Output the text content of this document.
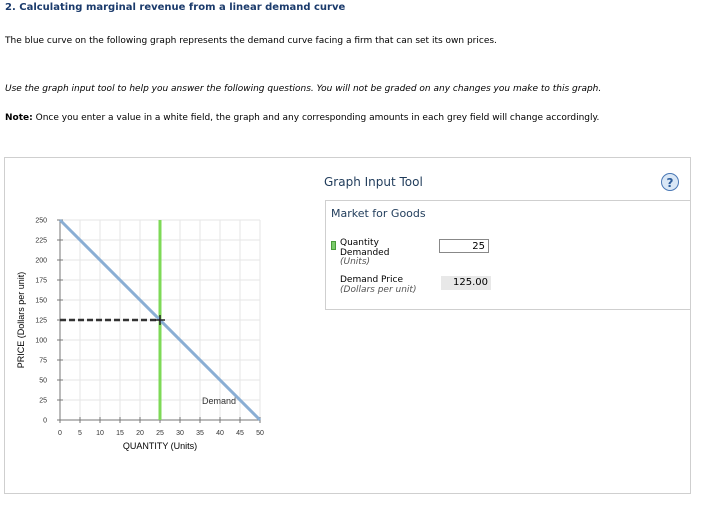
2. Calculating marginal revenue from a linear demand curve
The blue curve on the following graph represents the demand curve facing a firm that can set its own prices.
Use the graph input tool to help you answer the following questions. You will not be graded on any changes you make to this graph.
Note: Once you enter a value in a white field, the graph and any corresponding amounts in each grey field will change accordingly.
0 5 10 15 20 25 30 35 40 45 50
0
25
50
75
100
125
150
175
200
225
250
Demand
QUANTITY (Units)
PRICE (Dollars per unit)
Graph Input Tool	?
Market for Goods
Quantity
Demanded
(Units)
25
Demand Price
(Dollars per unit)
125.00
